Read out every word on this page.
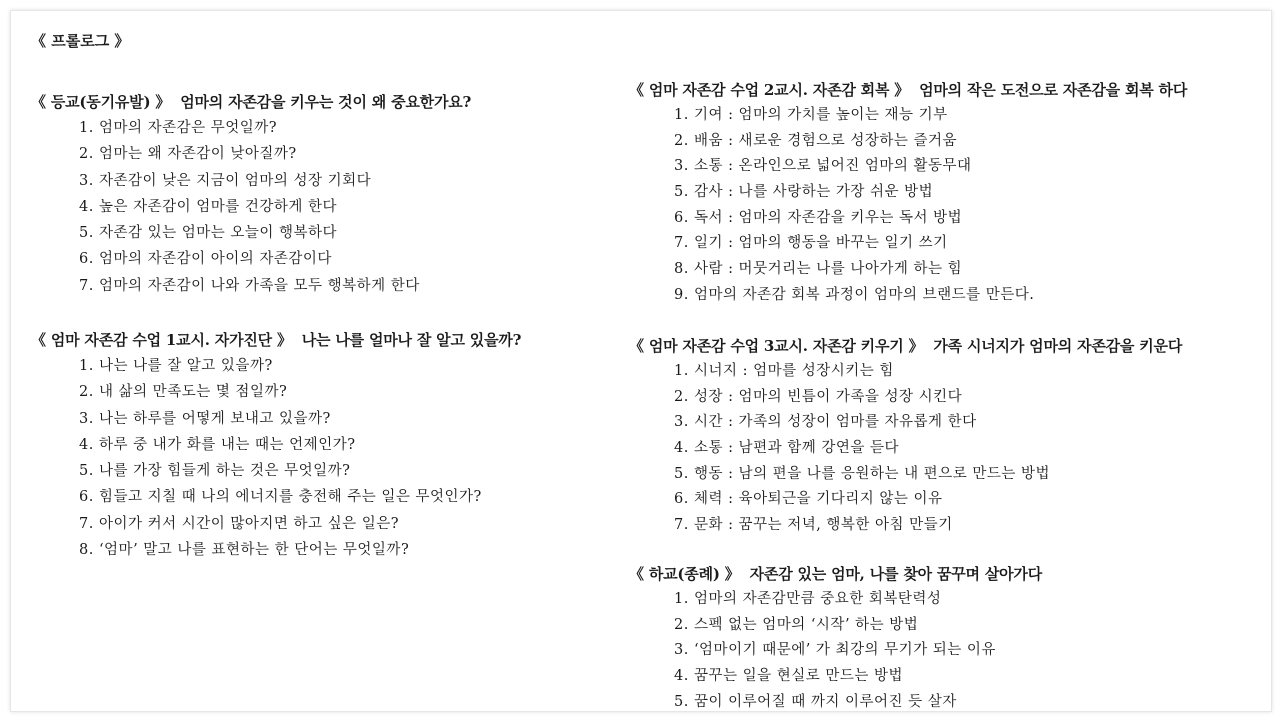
《 프롤로그 》
《 등교(동기유발) 》 엄마의 자존감을 키우는 것이 왜 중요한가요?
1. 엄마의 자존감은 무엇일까?
2. 엄마는 왜 자존감이 낮아질까?
3. 자존감이 낮은 지금이 엄마의 성장 기회다
4. 높은 자존감이 엄마를 건강하게 한다
5. 자존감 있는 엄마는 오늘이 행복하다
6. 엄마의 자존감이 아이의 자존감이다
7. 엄마의 자존감이 나와 가족을 모두 행복하게 한다
《 엄마 자존감 수업 1교시. 자가진단 》 나는 나를 얼마나 잘 알고 있을까?
1. 나는 나를 잘 알고 있을까?
2. 내 삶의 만족도는 몇 점일까?
3. 나는 하루를 어떻게 보내고 있을까?
4. 하루 중 내가 화를 내는 때는 언제인가?
5. 나를 가장 힘들게 하는 것은 무엇일까?
6. 힘들고 지칠 때 나의 에너지를 충전해 주는 일은 무엇인가?
7. 아이가 커서 시간이 많아지면 하고 싶은 일은?
8. ‘엄마’ 말고 나를 표현하는 한 단어는 무엇일까?
《 엄마 자존감 수업 2교시. 자존감 회복 》 엄마의 작은 도전으로 자존감을 회복 하다
1. 기여 : 엄마의 가치를 높이는 재능 기부
2. 배움 : 새로운 경험으로 성장하는 즐거움
3. 소통 : 온라인으로 넓어진 엄마의 활동무대
5. 감사 : 나를 사랑하는 가장 쉬운 방법
6. 독서 : 엄마의 자존감을 키우는 독서 방법
7. 일기 : 엄마의 행동을 바꾸는 일기 쓰기
8. 사람 : 머뭇거리는 나를 나아가게 하는 힘
9. 엄마의 자존감 회복 과정이 엄마의 브랜드를 만든다.
《 엄마 자존감 수업 3교시. 자존감 키우기 》 가족 시너지가 엄마의 자존감을 키운다
1. 시너지 : 엄마를 성장시키는 힘
2. 성장 : 엄마의 빈틈이 가족을 성장 시킨다
3. 시간 : 가족의 성장이 엄마를 자유롭게 한다
4. 소통 : 남편과 함께 강연을 듣다
5. 행동 : 남의 편을 나를 응원하는 내 편으로 만드는 방법
6. 체력 : 육아퇴근을 기다리지 않는 이유
7. 문화 : 꿈꾸는 저녁, 행복한 아침 만들기
《 하교(종례) 》 자존감 있는 엄마, 나를 찾아 꿈꾸며 살아가다
1. 엄마의 자존감만큼 중요한 회복탄력성
2. 스펙 없는 엄마의 ‘시작’ 하는 방법
3. ‘엄마이기 때문에’ 가 최강의 무기가 되는 이유
4. 꿈꾸는 일을 현실로 만드는 방법
5. 꿈이 이루어질 때 까지 이루어진 듯 살자
